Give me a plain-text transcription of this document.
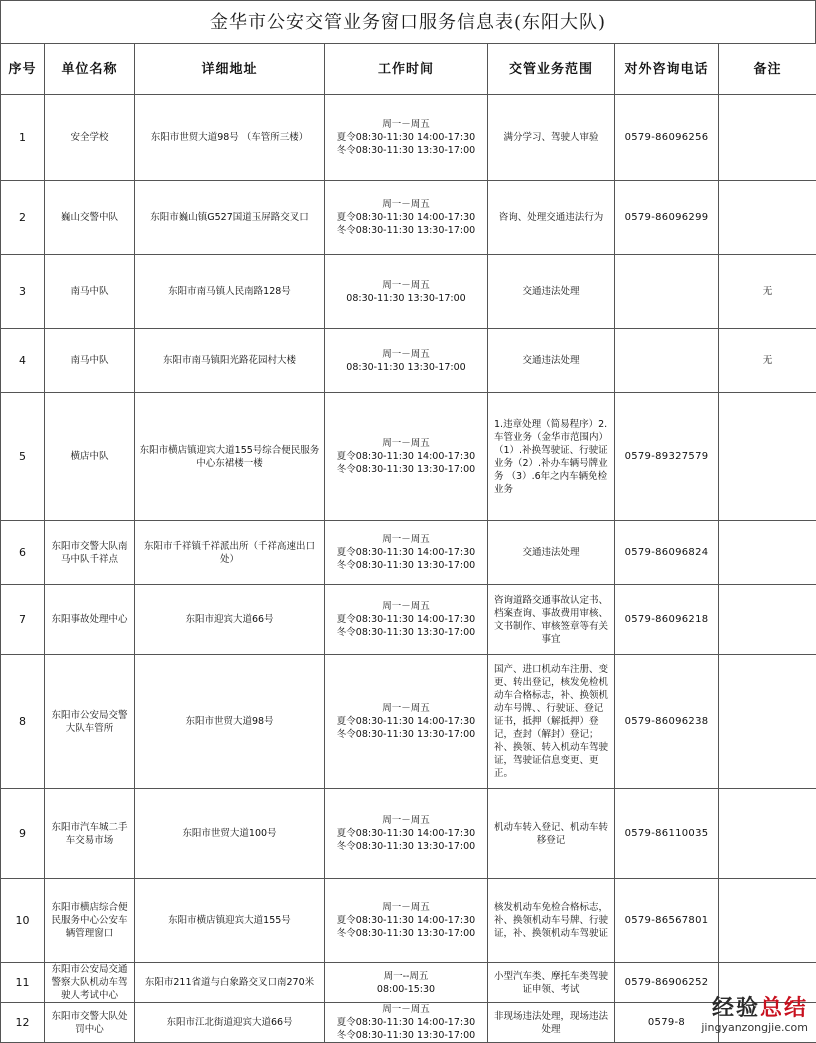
金华市公安交管业务窗口服务信息表(东阳大队)
序号	单位名称	详细地址	工作时间	交管业务范围	对外咨询电话	备注
1	安全学校	东阳市世贸大道98号 （车管所三楼）	周一－周五
夏令08:30-11:30 14:00-17:30
冬令08:30-11:30 13:30-17:00	满分学习、驾驶人审验	0579-86096256	
2	巍山交警中队	东阳市巍山镇G527国道玉屏路交叉口	周一－周五
夏令08:30-11:30 14:00-17:30
冬令08:30-11:30 13:30-17:00	咨询、处理交通违法行为	0579-86096299	
3	南马中队	东阳市南马镇人民南路128号	周一－周五
08:30-11:30 13:30-17:00	交通违法处理		无
4	南马中队	东阳市南马镇阳光路花园村大楼	周一－周五
08:30-11:30 13:30-17:00	交通违法处理		无
5	横店中队	东阳市横店镇迎宾大道155号综合便民服务中心东裙楼一楼	周一－周五
夏令08:30-11:30 14:00-17:30
冬令08:30-11:30 13:30-17:00	1.违章处理（简易程序）2.车管业务（金华市范围内）（1）.补换驾驶证、行驶证业务（2）.补办车辆号牌业务 （3）.6年之内车辆免检业务	0579-89327579	
6	东阳市交警大队南马中队千祥点	东阳市千祥镇千祥派出所（千祥高速出口处）	周一－周五
夏令08:30-11:30 14:00-17:30
冬令08:30-11:30 13:30-17:00	交通违法处理	0579-86096824	
7	东阳事故处理中心	东阳市迎宾大道66号	周一－周五
夏令08:30-11:30 14:00-17:30
冬令08:30-11:30 13:30-17:00	咨询道路交通事故认定书、档案查询、事故费用审核、文书制作、审核签章等有关事宜	0579-86096218	
8	东阳市公安局交警大队车管所	东阳市世贸大道98号	周一－周五
夏令08:30-11:30 14:00-17:30
冬令08:30-11:30 13:30-17:00	国产、进口机动车注册、变更、转出登记，核发免检机动车合格标志，补、换领机动车号牌、、行驶证、登记证书，抵押（解抵押）登记，查封（解封）登记；补、换领、转入机动车驾驶证，驾驶证信息变更、更正。	0579-86096238	
9	东阳市汽车城二手车交易市场	东阳市世贸大道100号	周一－周五
夏令08:30-11:30 14:00-17:30
冬令08:30-11:30 13:30-17:00	机动车转入登记、机动车转移登记	0579-86110035	
10	东阳市横店综合便民服务中心公安车辆管理窗口	东阳市横店镇迎宾大道155号	周一－周五
夏令08:30-11:30 14:00-17:30
冬令08:30-11:30 13:30-17:00	核发机动车免检合格标志，补、换领机动车号牌、行驶证，补、换领机动车驾驶证	0579-86567801	
11	东阳市公安局交通警察大队机动车驾驶人考试中心	东阳市211省道与白象路交叉口南270米	周一--周五
08:00-15:30	小型汽车类、摩托车类驾驶证申领、考试	0579-86906252	
12	东阳市交警大队处罚中心	东阳市江北街道迎宾大道66号	周一－周五
夏令08:30-11:30 14:00-17:30
冬令08:30-11:30 13:30-17:00	非现场违法处理，现场违法处理	0579-8	
经验总结
jingyanzongjie.com
